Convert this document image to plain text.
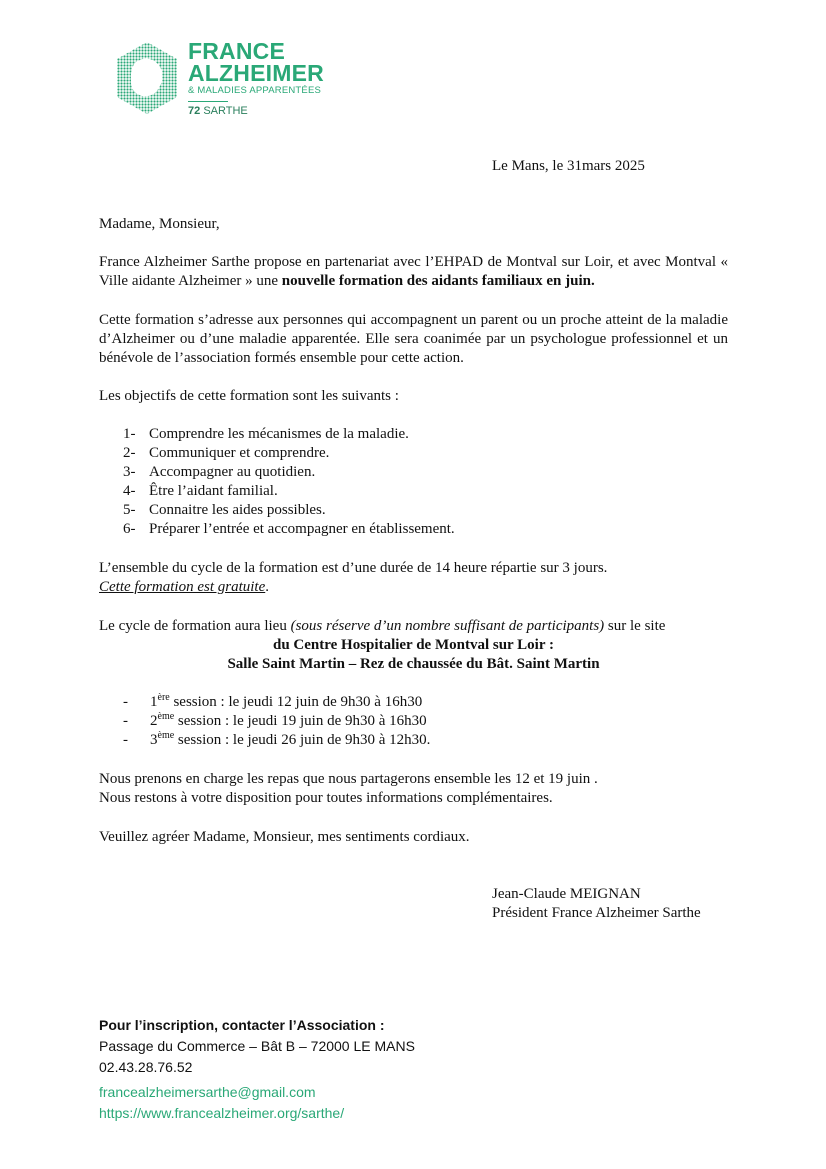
FRANCE
ALZHEIMER
& MALADIES APPARENTÉES
72 SARTHE
Le Mans, le 31mars 2025
Madame, Monsieur,
France Alzheimer Sarthe propose en partenariat avec l’EHPAD de Montval sur Loir, et avec Montval « Ville aidante Alzheimer » une nouvelle formation des aidants familiaux en juin.
Cette formation s’adresse aux personnes qui accompagnent un parent ou un proche atteint de la maladie d’Alzheimer ou d’une maladie apparentée. Elle sera coanimée par un psychologue professionnel et un bénévole de l’association formés ensemble pour cette action.
Les objectifs de cette formation sont les suivants :
1- Comprendre les mécanismes de la maladie.
2- Communiquer et comprendre.
3- Accompagner au quotidien.
4- Être l’aidant familial.
5- Connaitre les aides possibles.
6- Préparer l’entrée et accompagner en établissement.
L’ensemble du cycle de la formation est d’une durée de 14 heure répartie sur 3 jours.
Cette formation est gratuite.
Le cycle de formation aura lieu (sous réserve d’un nombre suffisant de participants) sur le site
du Centre Hospitalier de Montval sur Loir :
Salle Saint Martin – Rez de chaussée du Bât. Saint Martin
- 1ère session : le jeudi 12 juin de 9h30 à 16h30
- 2ème session : le jeudi 19 juin de 9h30 à 16h30
- 3ème session : le jeudi 26 juin de 9h30 à 12h30.
Nous prenons en charge les repas que nous partagerons ensemble les 12 et 19 juin .
Nous restons à votre disposition pour toutes informations complémentaires.
Veuillez agréer Madame, Monsieur, mes sentiments cordiaux.
Jean-Claude MEIGNAN
Président France Alzheimer Sarthe
Pour l’inscription, contacter l’Association :
Passage du Commerce – Bât B – 72000 LE MANS
02.43.28.76.52
francealzheimersarthe@gmail.com
https://www.francealzheimer.org/sarthe/
